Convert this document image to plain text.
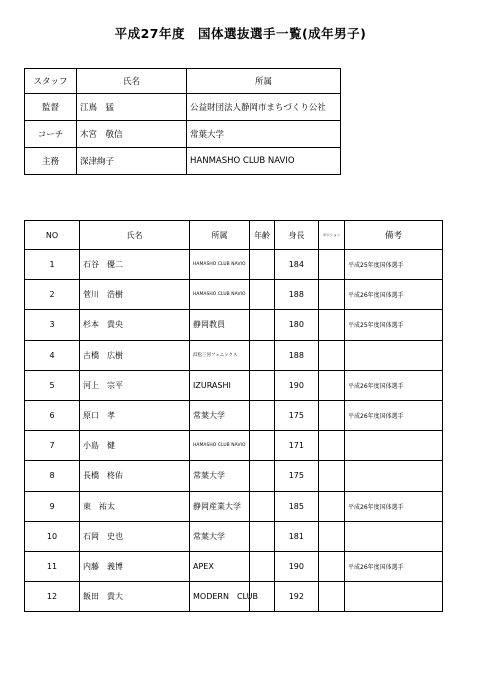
平成27年度　国体選抜選手一覧(成年男子)
スタッフ	氏名	所属
監督	江嶌　猛	公益財団法人静岡市まちづくり公社
コーチ	木宮　敬信	常葉大学
主務	深津絢子	HANMASHO CLUB NAVIO
NO	氏名	所属	年齢	身長	ポジション	備考
1	石谷　優二	HAMASHO CLUB NAVIO		184		平成25年度国体選手
2	菅川　浩樹	HAMASHO CLUB NAVIO		188		平成26年度国体選手
3	杉本　貴央	静岡教員		180		平成25年度国体選手
4	古橋　広樹	浜松三河フェニックス		188		
5	河上　宗平	IZURASHI		190		平成26年度国体選手
6	原口　孝	常葉大学		175		平成26年度国体選手
7	小島　健	HAMASHO CLUB NAVIO		171		
8	長橋　柊佑	常葉大学		175		
9	東　祐太	静岡産業大学		185		平成26年度国体選手
10	石岡　史也	常葉大学		181		
11	内藤　義博	APEX		190		平成26年度国体選手
12	飯田　貴大	MODERN　CLUB		192		
